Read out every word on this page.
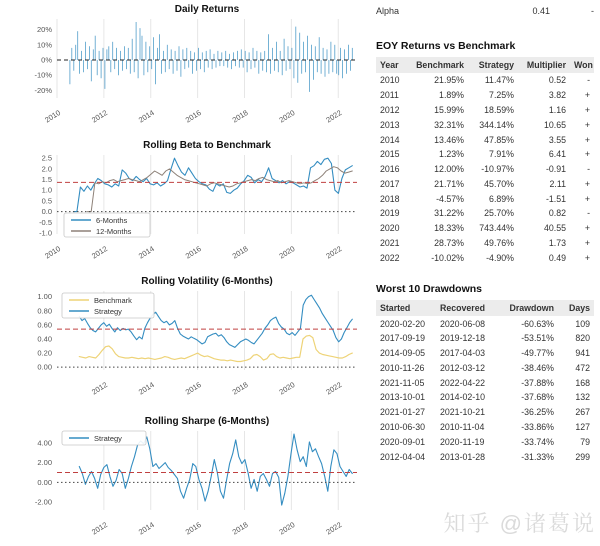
2010	2012	2014	2016	2018	2020	2022
20%
10%
0%
-10%
-20%
Daily Returns
2010	2012	2014	2016	2018	2020	2022
2.5
2.0
1.5
1.0
0.5
0.0
-0.5
-1.0
Rolling Beta to Benchmark
6-Months
12-Months
2012	2014	2016	2018	2020	2022
1.00
0.80
0.60
0.40
0.20
0.00
Rolling Volatility (6-Months)
Benchmark
Strategy
2012	2014	2016	2018	2020	2022
4.00
2.00
0.00
-2.00
Rolling Sharpe (6-Months)
Strategy
Alpha	0.41	-
EOY Returns vs Benchmark
Year	Benchmark	Strategy	Multiplier	Won
2010	21.95%	11.47%	0.52	-
2011	1.89%	7.25%	3.82	+
2012	15.99%	18.59%	1.16	+
2013	32.31%	344.14%	10.65	+
2014	13.46%	47.85%	3.55	+
2015	1.23%	7.91%	6.41	+
2016	12.00%	-10.97%	-0.91	-
2017	21.71%	45.70%	2.11	+
2018	-4.57%	6.89%	-1.51	+
2019	31.22%	25.70%	0.82	-
2020	18.33%	743.44%	40.55	+
2021	28.73%	49.76%	1.73	+
2022	-10.02%	-4.90%	0.49	+
Worst 10 Drawdowns
Started	Recovered	Drawdown	Days
2020-02-20	2020-06-08	-60.63%	109
2017-09-19	2019-12-18	-53.51%	820
2014-09-05	2017-04-03	-49.77%	941
2010-11-26	2012-03-12	-38.46%	472
2021-11-05	2022-04-22	-37.88%	168
2013-10-01	2014-02-10	-37.68%	132
2021-01-27	2021-10-21	-36.25%	267
2010-06-30	2010-11-04	-33.86%	127
2020-09-01	2020-11-19	-33.74%	79
2012-04-04	2013-01-28	-31.33%	299
知乎 @诸葛说
